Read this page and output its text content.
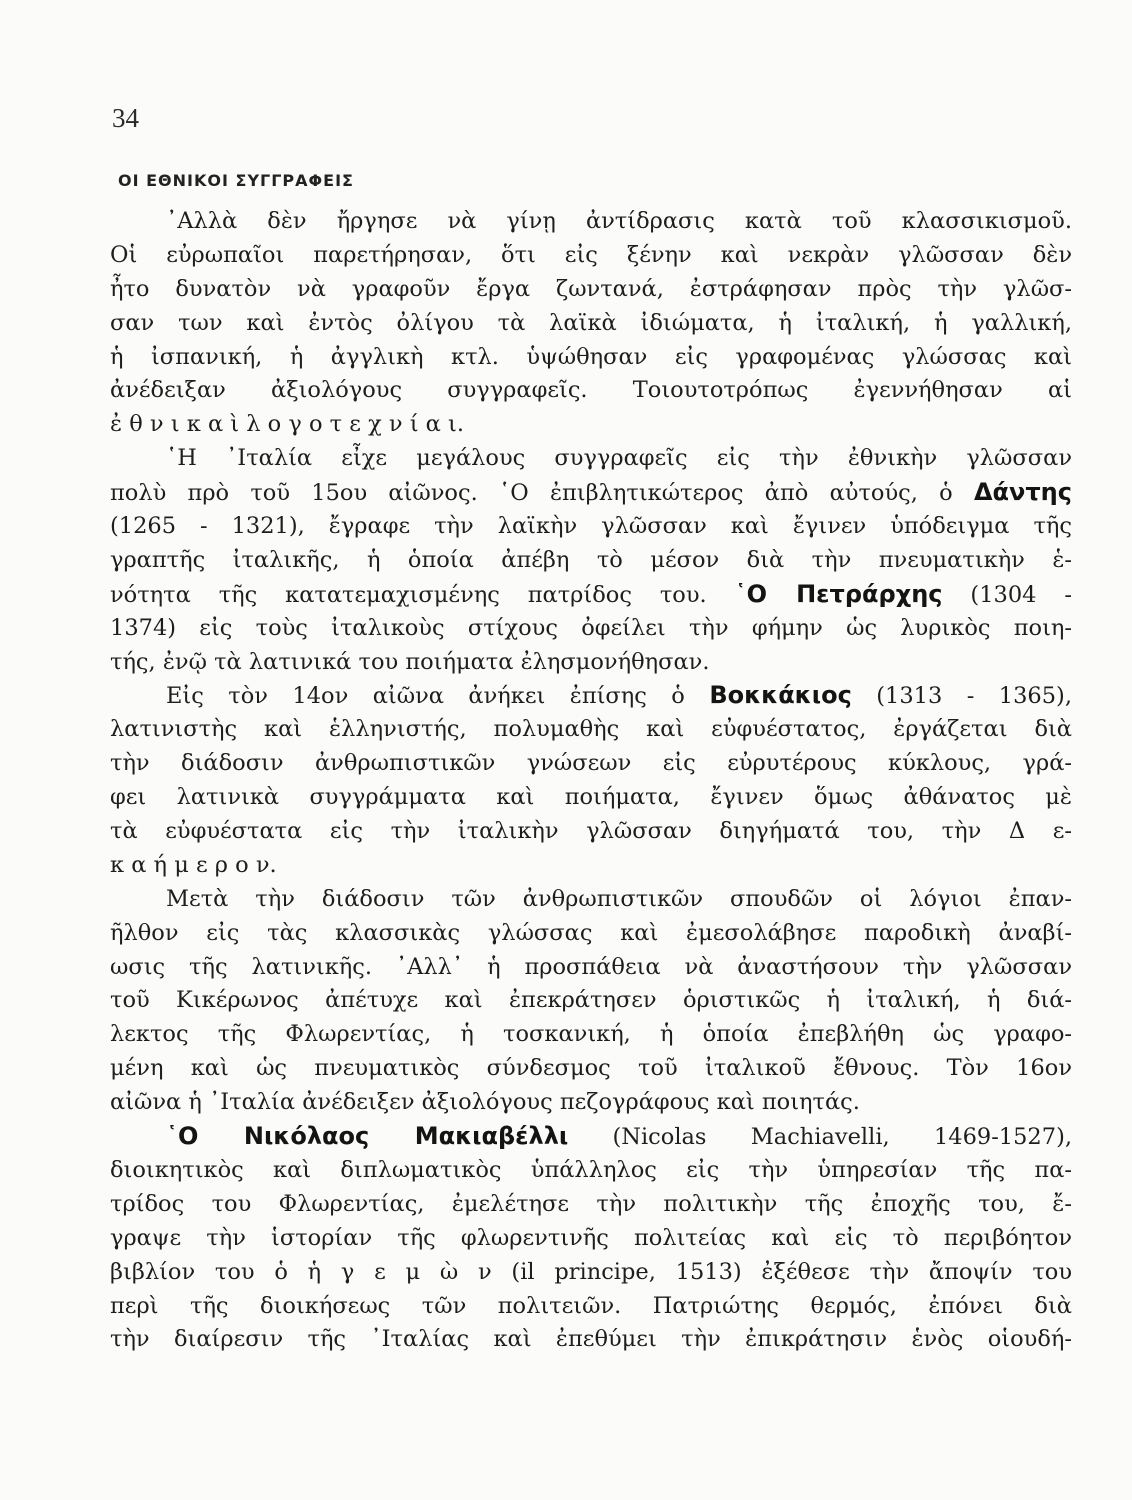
34
ΟΙ ΕΘΝΙΚΟΙ ΣΥΓΓΡΑΦΕΙΣ
᾿Αλλὰ δὲν ἤργησε νὰ γίνῃ ἀντίδρασις κατὰ τοῦ κλασσικισμοῦ.
Οἱ εὐρωπαῖοι παρετήρησαν, ὅτι εἰς ξένην καὶ νεκρὰν γλῶσσαν δὲν
ἦτο δυνατὸν νὰ γραφοῦν ἔργα ζωντανά, ἐστράφησαν πρὸς τὴν γλῶσ-
σαν των καὶ ἐντὸς ὀλίγου τὰ λαϊκὰ ἰδιώματα, ἡ ἰταλική, ἡ γαλλική,
ἡ ἰσπανική, ἡ ἀγγλικὴ κτλ. ὑψώθησαν εἰς γραφομένας γλώσσας καὶ
ἀνέδειξαν ἀξιολόγους συγγραφεῖς. Τοιουτοτρόπως ἐγεννήθησαν αἱ
ἐ θ ν ι κ α ὶ λ ο γ ο τ ε χ ν ί α ι.
῾Η ᾿Ιταλία εἶχε μεγάλους συγγραφεῖς εἰς τὴν ἐθνικὴν γλῶσσαν
πολὺ πρὸ τοῦ 15ου αἰῶνος. ῾Ο ἐπιβλητικώτερος ἀπὸ αὐτούς, ὁ Δάντης
(1265 - 1321), ἔγραφε τὴν λαϊκὴν γλῶσσαν καὶ ἔγινεν ὑπόδειγμα τῆς
γραπτῆς ἰταλικῆς, ἡ ὁποία ἀπέβη τὸ μέσον διὰ τὴν πνευματικὴν ἑ-
νότητα τῆς κατατεμαχισμένης πατρίδος του. ῾Ο Πετράρχης (1304 -
1374) εἰς τοὺς ἰταλικοὺς στίχους ὀφείλει τὴν φήμην ὡς λυρικὸς ποιη-
τής, ἐνῷ τὰ λατινικά του ποιήματα ἐλησμονήθησαν.
Εἰς τὸν 14ον αἰῶνα ἀνήκει ἐπίσης ὁ Βοκκάκιος (1313 - 1365),
λατινιστὴς καὶ ἑλληνιστής, πολυμαθὴς καὶ εὐφυέστατος, ἐργάζεται διὰ
τὴν διάδοσιν ἀνθρωπιστικῶν γνώσεων εἰς εὐρυτέρους κύκλους, γρά-
φει λατινικὰ συγγράμματα καὶ ποιήματα, ἔγινεν ὅμως ἀθάνατος μὲ
τὰ εὐφυέστατα εἰς τὴν ἰταλικὴν γλῶσσαν διηγήματά του, τὴν Δ ε-
κ α ή μ ε ρ ο ν.
Μετὰ τὴν διάδοσιν τῶν ἀνθρωπιστικῶν σπουδῶν οἱ λόγιοι ἐπαν-
ῆλθον εἰς τὰς κλασσικὰς γλώσσας καὶ ἐμεσολάβησε παροδικὴ ἀναβί-
ωσις τῆς λατινικῆς. ᾿Αλλ᾿ ἡ προσπάθεια νὰ ἀναστήσουν τὴν γλῶσσαν
τοῦ Κικέρωνος ἀπέτυχε καὶ ἐπεκράτησεν ὁριστικῶς ἡ ἰταλική, ἡ διά-
λεκτος τῆς Φλωρεντίας, ἡ τοσκανική, ἡ ὁποία ἐπεβλήθη ὡς γραφο-
μένη καὶ ὡς πνευματικὸς σύνδεσμος τοῦ ἰταλικοῦ ἔθνους. Τὸν 16ον
αἰῶνα ἡ ᾿Ιταλία ἀνέδειξεν ἀξιολόγους πεζογράφους καὶ ποιητάς.
῾Ο Νικόλαος Μακιαβέλλι (Nicolas Machiavelli, 1469-1527),
διοικητικὸς καὶ διπλωματικὸς ὑπάλληλος εἰς τὴν ὑπηρεσίαν τῆς πα-
τρίδος του Φλωρεντίας, ἐμελέτησε τὴν πολιτικὴν τῆς ἐποχῆς του, ἔ-
γραψε τὴν ἱστορίαν τῆς φλωρεντινῆς πολιτείας καὶ εἰς τὸ περιβόητον
βιβλίον του ὁ ἡ γ ε μ ὼ ν (il principe, 1513) ἐξέθεσε τὴν ἄποψίν του
περὶ τῆς διοικήσεως τῶν πολιτειῶν. Πατριώτης θερμός, ἐπόνει διὰ
τὴν διαίρεσιν τῆς ᾿Ιταλίας καὶ ἐπεθύμει τὴν ἐπικράτησιν ἑνὸς οἱουδή-
